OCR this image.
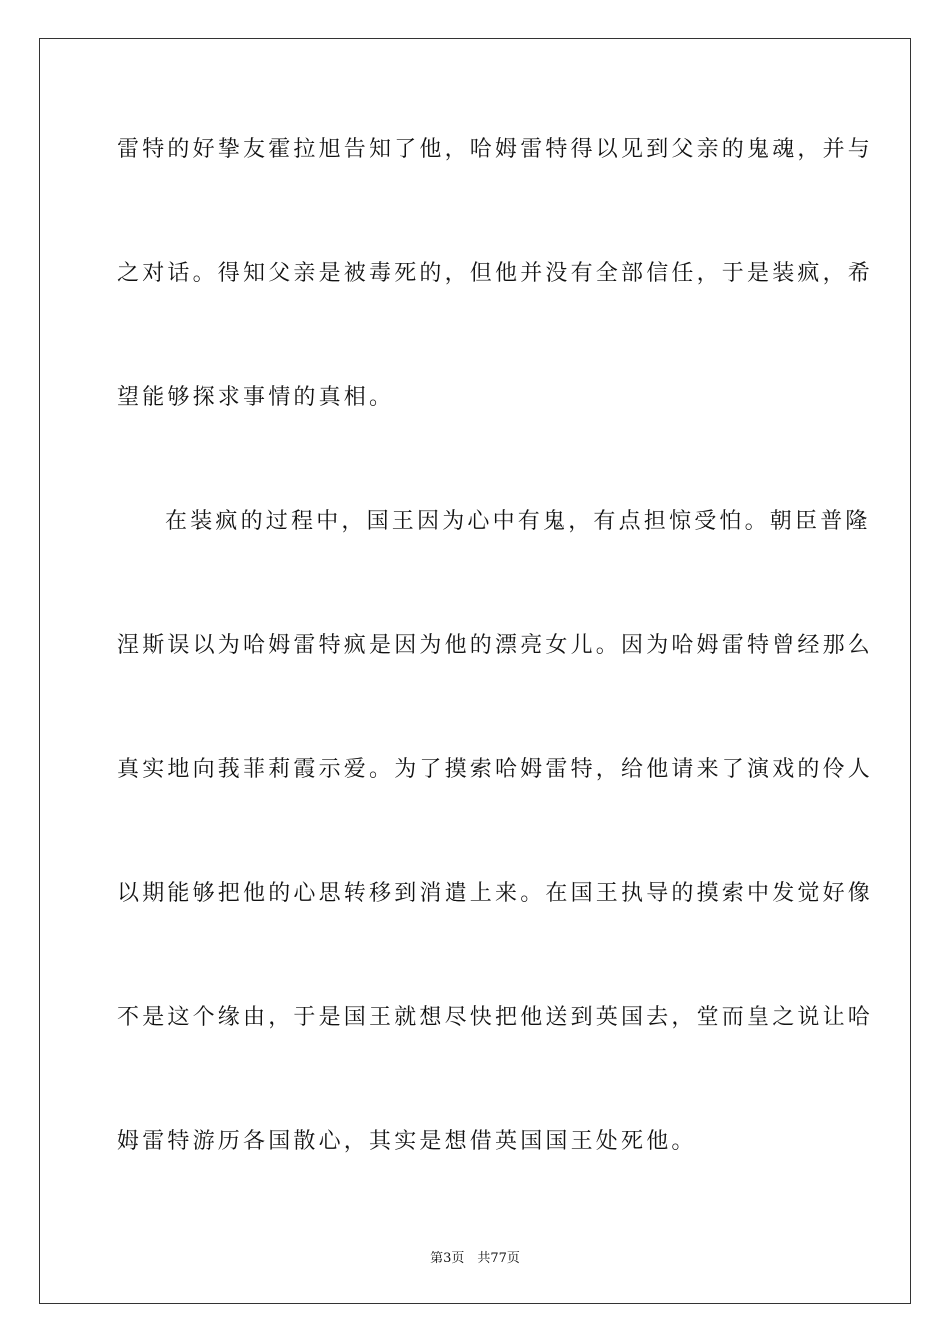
雷特的好挚友霍拉旭告知了他，哈姆雷特得以见到父亲的鬼魂，并与
之对话。得知父亲是被毒死的，但他并没有全部信任，于是装疯，希
望能够探求事情的真相。
在装疯的过程中，国王因为心中有鬼，有点担惊受怕。朝臣普隆
涅斯误以为哈姆雷特疯是因为他的漂亮女儿。因为哈姆雷特曾经那么
真实地向莪菲莉霞示爱。为了摸索哈姆雷特，给他请来了演戏的伶人
以期能够把他的心思转移到消遣上来。在国王执导的摸索中发觉好像
不是这个缘由，于是国王就想尽快把他送到英国去，堂而皇之说让哈
姆雷特游历各国散心，其实是想借英国国王处死他。
第3页　共77页
